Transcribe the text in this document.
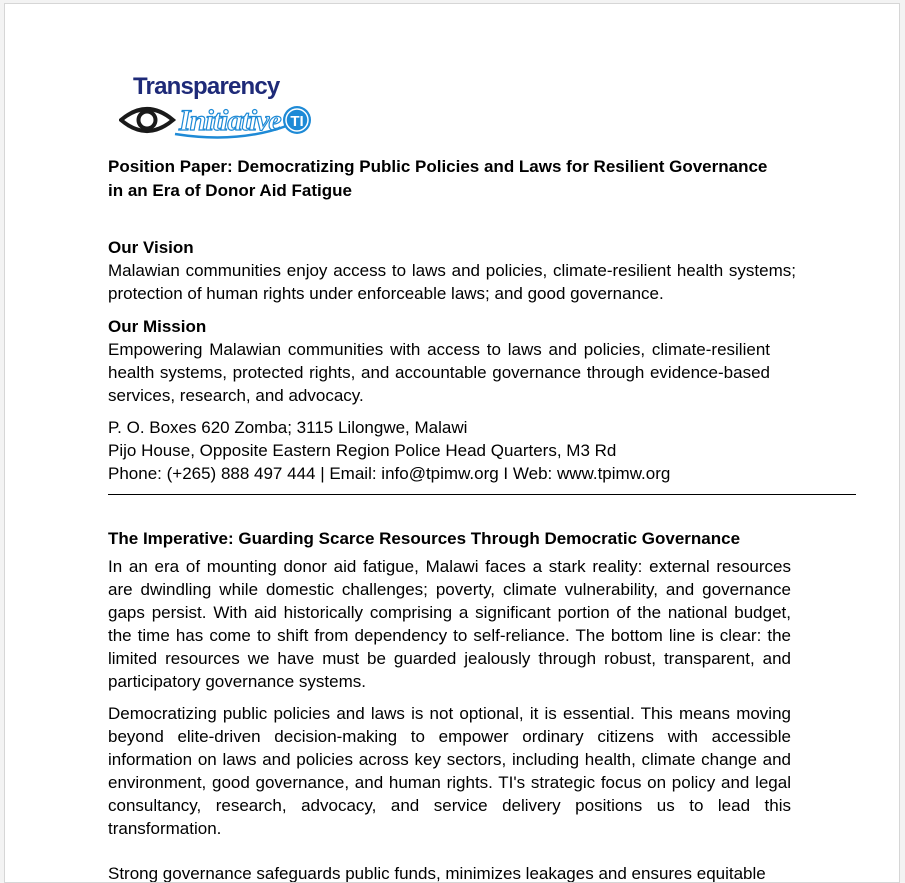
Transparency
Initiative TI

Position Paper: Democratizing Public Policies and Laws for Resilient Governance
in an Era of Donor Aid Fatigue

Our Vision

Malawian communities enjoy access to laws and policies, climate-resilient health systems; protection of human rights under enforceable laws; and good governance.

Our Mission

Empowering Malawian communities with access to laws and policies, climate-resilient health systems, protected rights, and accountable governance through evidence-based services, research, and advocacy.

P. O. Boxes 620 Zomba; 3115 Lilongwe, Malawi

Pijo House, Opposite Eastern Region Police Head Quarters, M3 Rd

Phone: (+265) 888 497 444 | Email: info@tpimw.org I Web: www.tpimw.org

The Imperative: Guarding Scarce Resources Through Democratic Governance

In an era of mounting donor aid fatigue, Malawi faces a stark reality: external resources are dwindling while domestic challenges; poverty, climate vulnerability, and governance gaps persist. With aid historically comprising a significant portion of the national budget, the time has come to shift from dependency to self-reliance. The bottom line is clear: the limited resources we have must be guarded jealously through robust, transparent, and participatory governance systems.

Democratizing public policies and laws is not optional, it is essential. This means moving beyond elite-driven decision-making to empower ordinary citizens with accessible information on laws and policies across key sectors, including health, climate change and environment, good governance, and human rights. TI's strategic focus on policy and legal consultancy, research, advocacy, and service delivery positions us to lead this transformation.

Strong governance safeguards public funds, minimizes leakages and ensures equitable
